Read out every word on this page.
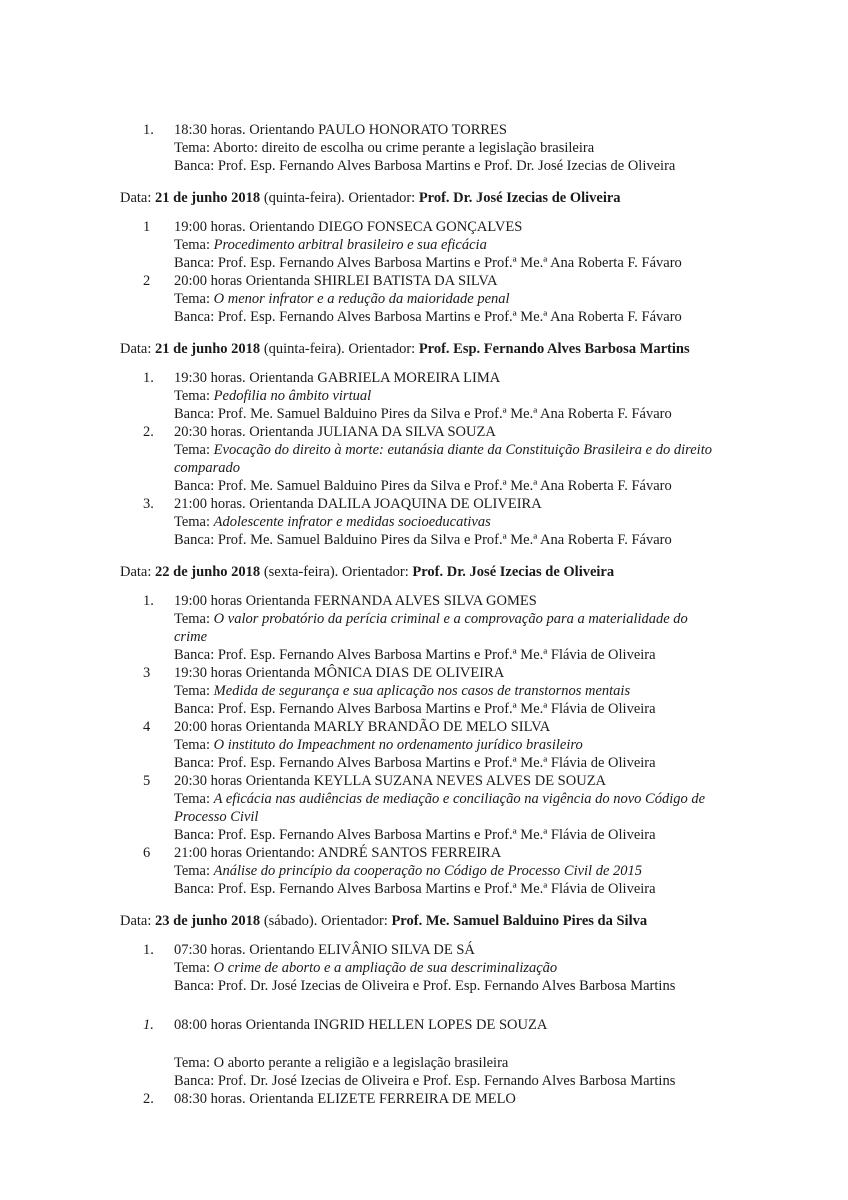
1. 18:30 horas. Orientando PAULO HONORATO TORRES
Tema: Aborto: direito de escolha ou crime perante a legislação brasileira
Banca: Prof. Esp. Fernando Alves Barbosa Martins e Prof. Dr. José Izecias de Oliveira
Data: 21 de junho 2018 (quinta-feira). Orientador: Prof. Dr. José Izecias de Oliveira
1 19:00 horas. Orientando DIEGO FONSECA GONÇALVES
Tema: Procedimento arbitral brasileiro e sua eficácia
Banca: Prof. Esp. Fernando Alves Barbosa Martins e Prof.ª Me.ª Ana Roberta F. Fávaro
2 20:00 horas Orientanda SHIRLEI BATISTA DA SILVA
Tema: O menor infrator e a redução da maioridade penal
Banca: Prof. Esp. Fernando Alves Barbosa Martins e Prof.ª Me.ª Ana Roberta F. Fávaro
Data: 21 de junho 2018 (quinta-feira). Orientador: Prof. Esp. Fernando Alves Barbosa Martins
1. 19:30 horas. Orientanda GABRIELA MOREIRA LIMA
Tema: Pedofilia no âmbito virtual
Banca: Prof. Me. Samuel Balduino Pires da Silva e Prof.ª Me.ª Ana Roberta F. Fávaro
2. 20:30 horas. Orientanda JULIANA DA SILVA SOUZA
Tema: Evocação do direito à morte: eutanásia diante da Constituição Brasileira e do direito
comparado
Banca: Prof. Me. Samuel Balduino Pires da Silva e Prof.ª Me.ª Ana Roberta F. Fávaro
3. 21:00 horas. Orientanda DALILA JOAQUINA DE OLIVEIRA
Tema: Adolescente infrator e medidas socioeducativas
Banca: Prof. Me. Samuel Balduino Pires da Silva e Prof.ª Me.ª Ana Roberta F. Fávaro
Data: 22 de junho 2018 (sexta-feira). Orientador: Prof. Dr. José Izecias de Oliveira
1. 19:00 horas Orientanda FERNANDA ALVES SILVA GOMES
Tema: O valor probatório da perícia criminal e a comprovação para a materialidade do
crime
Banca: Prof. Esp. Fernando Alves Barbosa Martins e Prof.ª Me.ª Flávia de Oliveira
3 19:30 horas Orientanda MÔNICA DIAS DE OLIVEIRA
Tema: Medida de segurança e sua aplicação nos casos de transtornos mentais
Banca: Prof. Esp. Fernando Alves Barbosa Martins e Prof.ª Me.ª Flávia de Oliveira
4 20:00 horas Orientanda MARLY BRANDÃO DE MELO SILVA
Tema: O instituto do Impeachment no ordenamento jurídico brasileiro
Banca: Prof. Esp. Fernando Alves Barbosa Martins e Prof.ª Me.ª Flávia de Oliveira
5 20:30 horas Orientanda KEYLLA SUZANA NEVES ALVES DE SOUZA
Tema: A eficácia nas audiências de mediação e conciliação na vigência do novo Código de
Processo Civil
Banca: Prof. Esp. Fernando Alves Barbosa Martins e Prof.ª Me.ª Flávia de Oliveira
6 21:00 horas Orientando: ANDRÉ SANTOS FERREIRA
Tema: Análise do princípio da cooperação no Código de Processo Civil de 2015
Banca: Prof. Esp. Fernando Alves Barbosa Martins e Prof.ª Me.ª Flávia de Oliveira
Data: 23 de junho 2018 (sábado). Orientador: Prof. Me. Samuel Balduino Pires da Silva
1. 07:30 horas. Orientando ELIVÂNIO SILVA DE SÁ
Tema: O crime de aborto e a ampliação de sua descriminalização
Banca: Prof. Dr. José Izecias de Oliveira e Prof. Esp. Fernando Alves Barbosa Martins
1. 08:00 horas Orientanda INGRID HELLEN LOPES DE SOUZA
Tema: O aborto perante a religião e a legislação brasileira
Banca: Prof. Dr. José Izecias de Oliveira e Prof. Esp. Fernando Alves Barbosa Martins
2. 08:30 horas. Orientanda ELIZETE FERREIRA DE MELO
